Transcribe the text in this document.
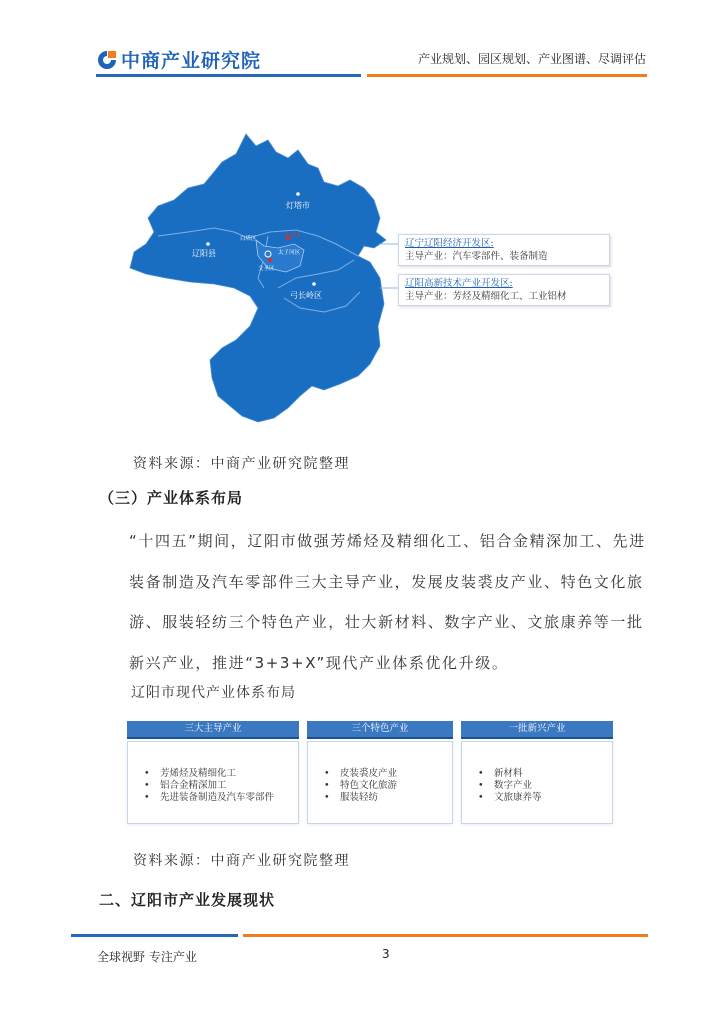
中商产业研究院	产业规划、园区规划、产业图谱、尽调评估
灯塔市
辽阳县
弓长岭区
白塔区
文圣区
太子河区
宏伟区
辽宁辽阳经济开发区:
主导产业：汽车零部件、装备制造
辽阳高新技术产业开发区:
主导产业：芳烃及精细化工、工业铝材
资料来源：中商产业研究院整理
（三）产业体系布局

“十四五”期间，辽阳市做强芳烯烃及精细化工、铝合金精深加工、先进装备制造及汽车零部件三大主导产业，发展皮装裘皮产业、特色文化旅游、服装轻纺三个特色产业，壮大新材料、数字产业、文旅康养等一批新兴产业，推进“3+3+X”现代产业体系优化升级。

辽阳市现代产业体系布局
三大主导产业
• 芳烯烃及精细化工
• 铝合金精深加工
• 先进装备制造及汽车零部件
三个特色产业
• 皮装裘皮产业
• 特色文化旅游
• 服装轻纺
一批新兴产业
• 新材料
• 数字产业
• 文旅康养等
资料来源：中商产业研究院整理
二、辽阳市产业发展现状
全球视野 专注产业	3
